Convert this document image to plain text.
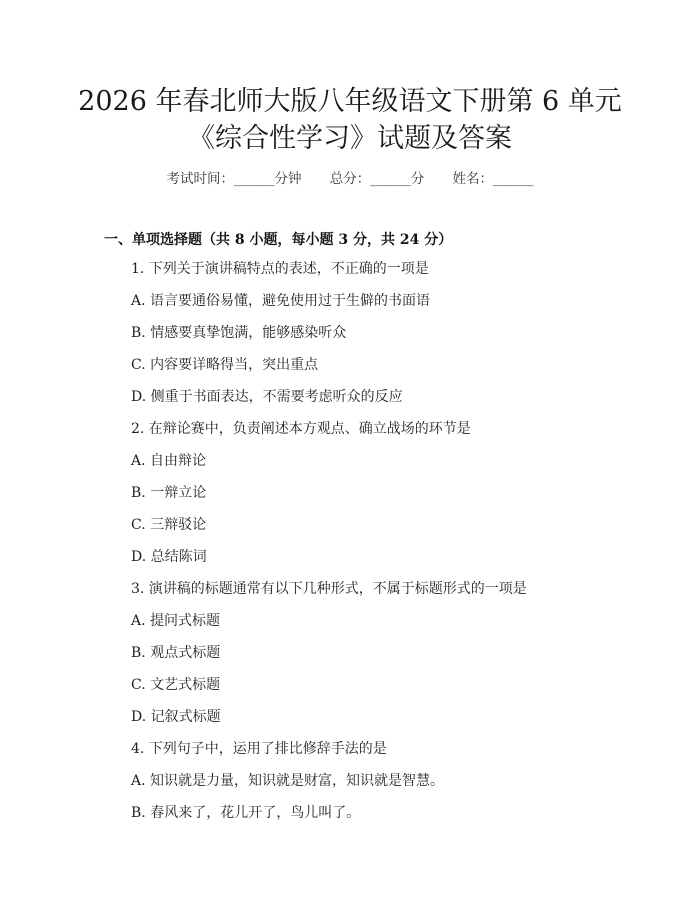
2026 年春北师大版八年级语文下册第 6 单元
《综合性学习》试题及答案
考试时间：______分钟 总分：______分 姓名：______
一、单项选择题（共 8 小题，每小题 3 分，共 24 分）
1. 下列关于演讲稿特点的表述，不正确的一项是
A. 语言要通俗易懂，避免使用过于生僻的书面语
B. 情感要真挚饱满，能够感染听众
C. 内容要详略得当，突出重点
D. 侧重于书面表达，不需要考虑听众的反应
2. 在辩论赛中，负责阐述本方观点、确立战场的环节是
A. 自由辩论
B. 一辩立论
C. 三辩驳论
D. 总结陈词
3. 演讲稿的标题通常有以下几种形式，不属于标题形式的一项是
A. 提问式标题
B. 观点式标题
C. 文艺式标题
D. 记叙式标题
4. 下列句子中，运用了排比修辞手法的是
A. 知识就是力量，知识就是财富，知识就是智慧。
B. 春风来了，花儿开了，鸟儿叫了。
